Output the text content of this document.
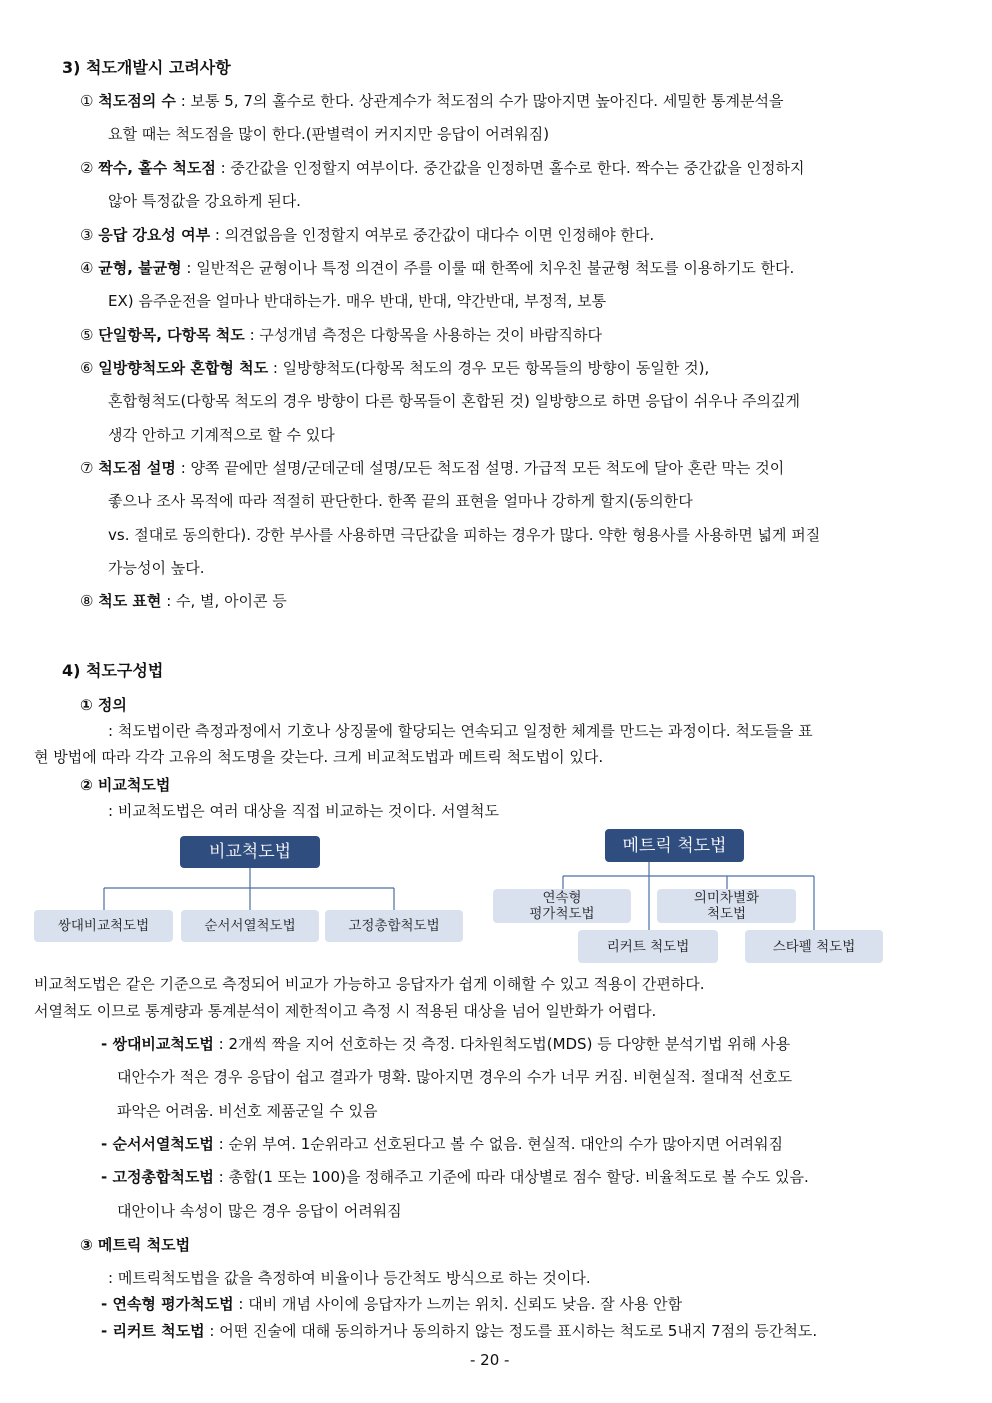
3) 척도개발시 고려사항
① 척도점의 수 : 보통 5, 7의 홀수로 한다. 상관계수가 척도점의 수가 많아지면 높아진다. 세밀한 통계분석을
요할 때는 척도점을 많이 한다.(판별력이 커지지만 응답이 어려워짐)
② 짝수, 홀수 척도점 : 중간값을 인정할지 여부이다. 중간값을 인정하면 홀수로 한다. 짝수는 중간값을 인정하지
않아 특정값을 강요하게 된다.
③ 응답 강요성 여부 : 의견없음을 인정할지 여부로 중간값이 대다수 이면 인정해야 한다.
④ 균형, 불균형 : 일반적은 균형이나 특정 의견이 주를 이룰 때 한쪽에 치우친 불균형 척도를 이용하기도 한다.
EX) 음주운전을 얼마나 반대하는가. 매우 반대, 반대, 약간반대, 부정적, 보통
⑤ 단일항목, 다항목 척도 : 구성개념 측정은 다항목을 사용하는 것이 바람직하다
⑥ 일방향척도와 혼합형 척도 : 일방향척도(다항목 척도의 경우 모든 항목들의 방향이 동일한 것),
혼합형척도(다항목 척도의 경우 방향이 다른 항목들이 혼합된 것) 일방향으로 하면 응답이 쉬우나 주의깊게
생각 안하고 기계적으로 할 수 있다
⑦ 척도점 설명 : 양쪽 끝에만 설명/군데군데 설명/모든 척도점 설명. 가급적 모든 척도에 달아 혼란 막는 것이
좋으나 조사 목적에 따라 적절히 판단한다. 한쪽 끝의 표현을 얼마나 강하게 할지(동의한다
vs. 절대로 동의한다). 강한 부사를 사용하면 극단값을 피하는 경우가 많다. 약한 형용사를 사용하면 넓게 퍼질
가능성이 높다.
⑧ 척도 표현 : 수, 별, 아이콘 등
4) 척도구성법
① 정의
: 척도법이란 측정과정에서 기호나 상징물에 할당되는 연속되고 일정한 체계를 만드는 과정이다. 척도들을 표
현 방법에 따라 각각 고유의 척도명을 갖는다. 크게 비교척도법과 메트릭 척도법이 있다.
② 비교척도법
: 비교척도법은 여러 대상을 직접 비교하는 것이다. 서열척도
비교척도법
쌍대비교척도법	순서서열척도법	고정총합척도법
메트릭 척도법
연속형
평가척도법
의미차별화
척도법
리커트 척도법	스타펠 척도법
비교척도법은 같은 기준으로 측정되어 비교가 가능하고 응답자가 쉽게 이해할 수 있고 적용이 간편하다.
서열척도 이므로 통계량과 통계분석이 제한적이고 측정 시 적용된 대상을 넘어 일반화가 어렵다.
- 쌍대비교척도법 : 2개씩 짝을 지어 선호하는 것 측정. 다차원척도법(MDS) 등 다양한 분석기법 위해 사용
대안수가 적은 경우 응답이 쉽고 결과가 명확. 많아지면 경우의 수가 너무 커짐. 비현실적. 절대적 선호도
파악은 어려움. 비선호 제품군일 수 있음
- 순서서열척도법 : 순위 부여. 1순위라고 선호된다고 볼 수 없음. 현실적. 대안의 수가 많아지면 어려워짐
- 고정총합척도법 : 총합(1 또는 100)을 정해주고 기준에 따라 대상별로 점수 할당. 비율척도로 볼 수도 있음.
대안이나 속성이 많은 경우 응답이 어려워짐
③ 메트릭 척도법
: 메트릭척도법을 값을 측정하여 비율이나 등간척도 방식으로 하는 것이다.
- 연속형 평가척도법 : 대비 개념 사이에 응답자가 느끼는 위치. 신뢰도 낮음. 잘 사용 안함
- 리커트 척도법 : 어떤 진술에 대해 동의하거나 동의하지 않는 정도를 표시하는 척도로 5내지 7점의 등간척도.
- 20 -
